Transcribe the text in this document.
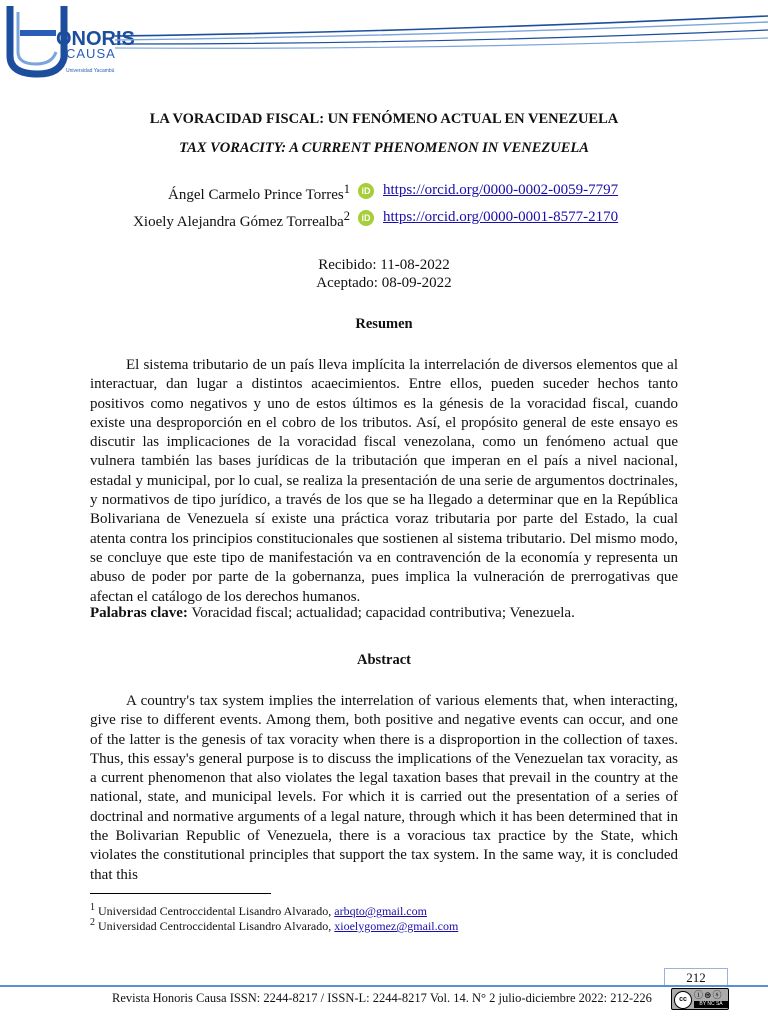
ONORIS
CAUSA
Universidad Yacambú
LA VORACIDAD FISCAL: UN FENÓMENO ACTUAL EN VENEZUELA
TAX VORACITY: A CURRENT PHENOMENON IN VENEZUELA
Ángel Carmelo Prince Torres$^1$	iD https://orcid.org/0000-0002-0059-7797
Xioely Alejandra Gómez Torrealba$^2$	iD https://orcid.org/0000-0001-8577-2170
Recibido: 11-08-2022
Aceptado: 08-09-2022
Resumen

El sistema tributario de un país lleva implícita la interrelación de diversos elementos que al interactuar, dan lugar a distintos acaecimientos. Entre ellos, pueden suceder hechos tanto positivos como negativos y uno de estos últimos es la génesis de la voracidad fiscal, cuando existe una desproporción en el cobro de los tributos. Así, el propósito general de este ensayo es discutir las implicaciones de la voracidad fiscal venezolana, como un fenómeno actual que vulnera también las bases jurídicas de la tributación que imperan en el país a nivel nacional, estadal y municipal, por lo cual, se realiza la presentación de una serie de argumentos doctrinales, y normativos de tipo jurídico, a través de los que se ha llegado a determinar que en la República Bolivariana de Venezuela sí existe una práctica voraz tributaria por parte del Estado, la cual atenta contra los principios constitucionales que sostienen al sistema tributario. Del mismo modo, se concluye que este tipo de manifestación va en contravención de la economía y representa un abuso de poder por parte de la gobernanza, pues implica la vulneración de prerrogativas que afectan el catálogo de los derechos humanos.

Palabras clave: Voracidad fiscal; actualidad; capacidad contributiva; Venezuela.
Abstract

A country's tax system implies the interrelation of various elements that, when interacting, give rise to different events. Among them, both positive and negative events can occur, and one of the latter is the genesis of tax voracity when there is a disproportion in the collection of taxes. Thus, this essay's general purpose is to discuss the implications of the Venezuelan tax voracity, as a current phenomenon that also violates the legal taxation bases that prevail in the country at the national, state, and municipal levels. For which it is carried out the presentation of a series of doctrinal and normative arguments of a legal nature, through which it has been determined that in the Bolivarian Republic of Venezuela, there is a voracious tax practice by the State, which violates the constitutional principles that support the tax system. In the same way, it is concluded that this

$^1$ Universidad Centroccidental Lisandro Alvarado, arbqto@gmail.com
$^2$ Universidad Centroccidental Lisandro Alvarado, xioelygomez@gmail.com
212
Revista Honoris Causa ISSN: 2244-8217 / ISSN-L: 2244-8217 Vol. 14. N° 2 julio-diciembre 2022: 212-226	cc ⓘ⊜ⓢ
BY NC SA
